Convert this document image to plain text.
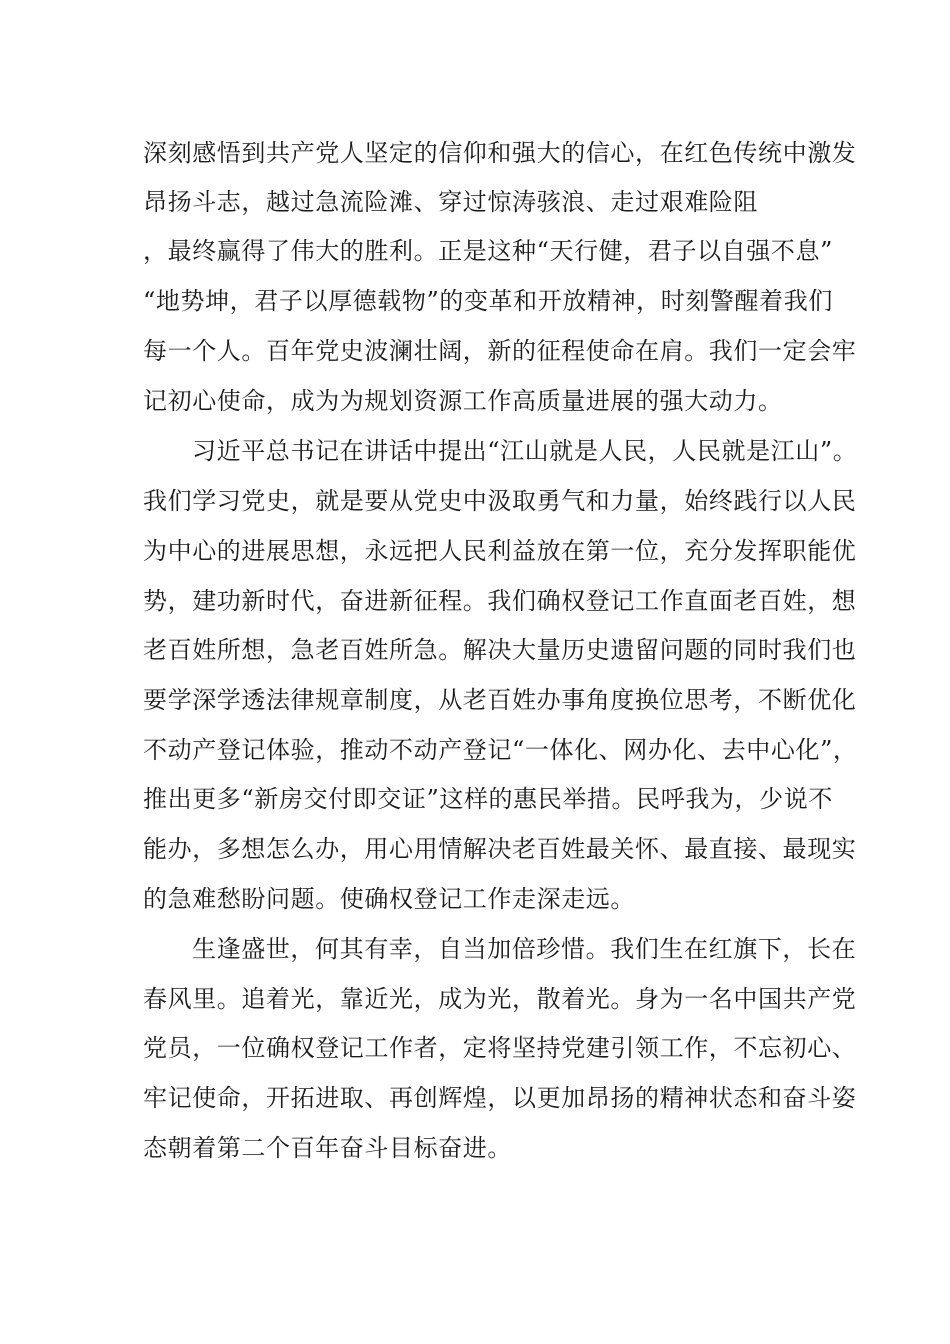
深刻感悟到共产党人坚定的信仰和强大的信心，在红色传统中激发
昂扬斗志，越过急流险滩、穿过惊涛骇浪、走过艰难险阻
，最终赢得了伟大的胜利。正是这种“天行健，君子以自强不息”
“地势坤，君子以厚德载物”的变革和开放精神，时刻警醒着我们
每一个人。百年党史波澜壮阔，新的征程使命在肩。我们一定会牢
记初心使命，成为为规划资源工作高质量进展的强大动力。
习近平总书记在讲话中提出“江山就是人民，人民就是江山”。
我们学习党史，就是要从党史中汲取勇气和力量，始终践行以人民
为中心的进展思想，永远把人民利益放在第一位，充分发挥职能优
势，建功新时代，奋进新征程。我们确权登记工作直面老百姓，想
老百姓所想，急老百姓所急。解决大量历史遗留问题的同时我们也
要学深学透法律规章制度，从老百姓办事角度换位思考，不断优化
不动产登记体验，推动不动产登记“一体化、网办化、去中心化”，
推出更多“新房交付即交证”这样的惠民举措。民呼我为，少说不
能办，多想怎么办，用心用情解决老百姓最关怀、最直接、最现实
的急难愁盼问题。使确权登记工作走深走远。
生逢盛世，何其有幸，自当加倍珍惜。我们生在红旗下，长在
春风里。追着光，靠近光，成为光，散着光。身为一名中国共产党
党员，一位确权登记工作者，定将坚持党建引领工作，不忘初心、
牢记使命，开拓进取、再创辉煌，以更加昂扬的精神状态和奋斗姿
态朝着第二个百年奋斗目标奋进。
